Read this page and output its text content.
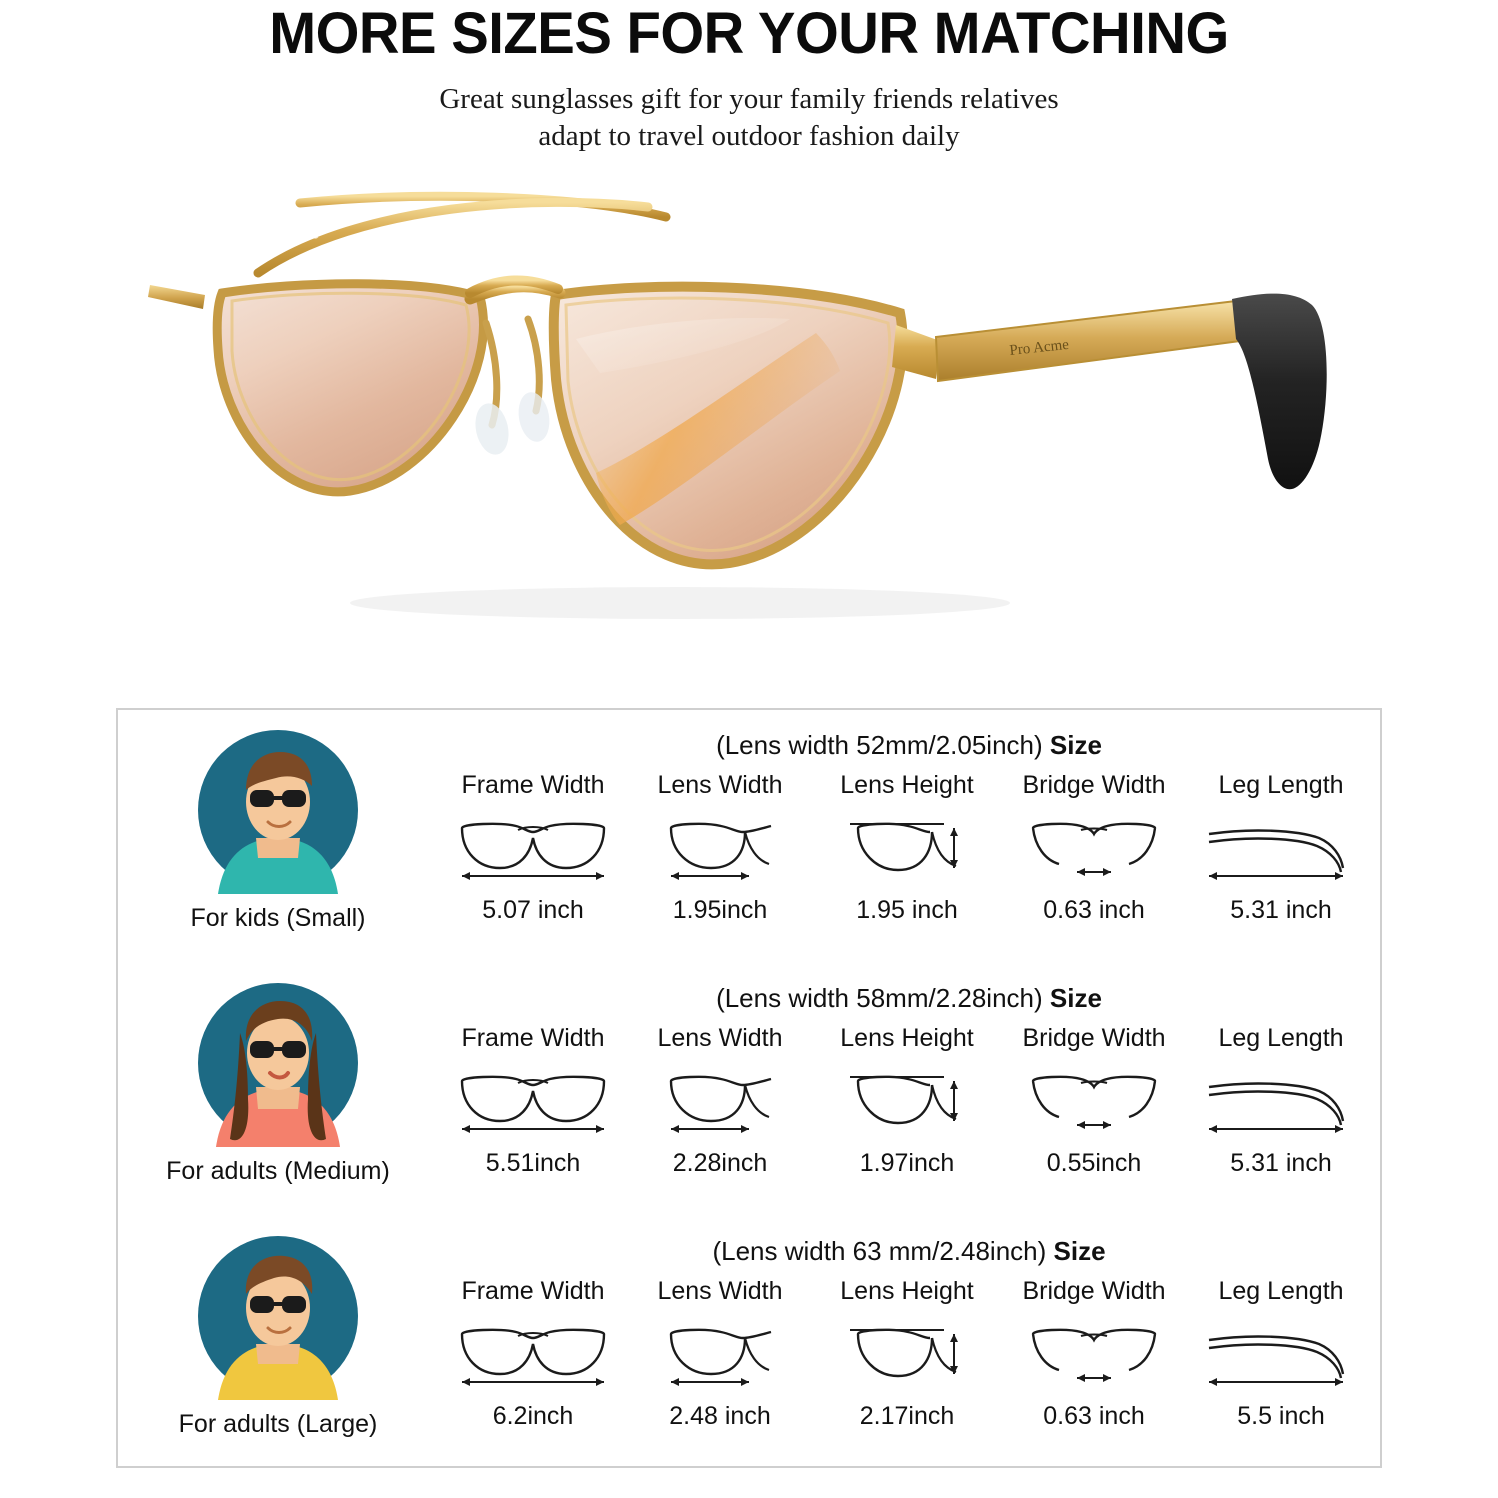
MORE SIZES FOR YOUR MATCHING
Great sunglasses gift for your family friends relatives
adapt to travel outdoor fashion daily
Pro Acme
Pro Acme
For kids (Small)
(Lens width 52mm/2.05inch) Size
Frame Width
5.07 inch
Lens Width
1.95inch
Lens Height
1.95 inch
Bridge Width
0.63 inch
Leg Length
5.31 inch
For adults (Medium)
(Lens width 58mm/2.28inch) Size
Frame Width
5.51inch
Lens Width
2.28inch
Lens Height
1.97inch
Bridge Width
0.55inch
Leg Length
5.31 inch
For adults (Large)
(Lens width 63 mm/2.48inch) Size
Frame Width
6.2inch
Lens Width
2.48 inch
Lens Height
2.17inch
Bridge Width
0.63 inch
Leg Length
5.5 inch
